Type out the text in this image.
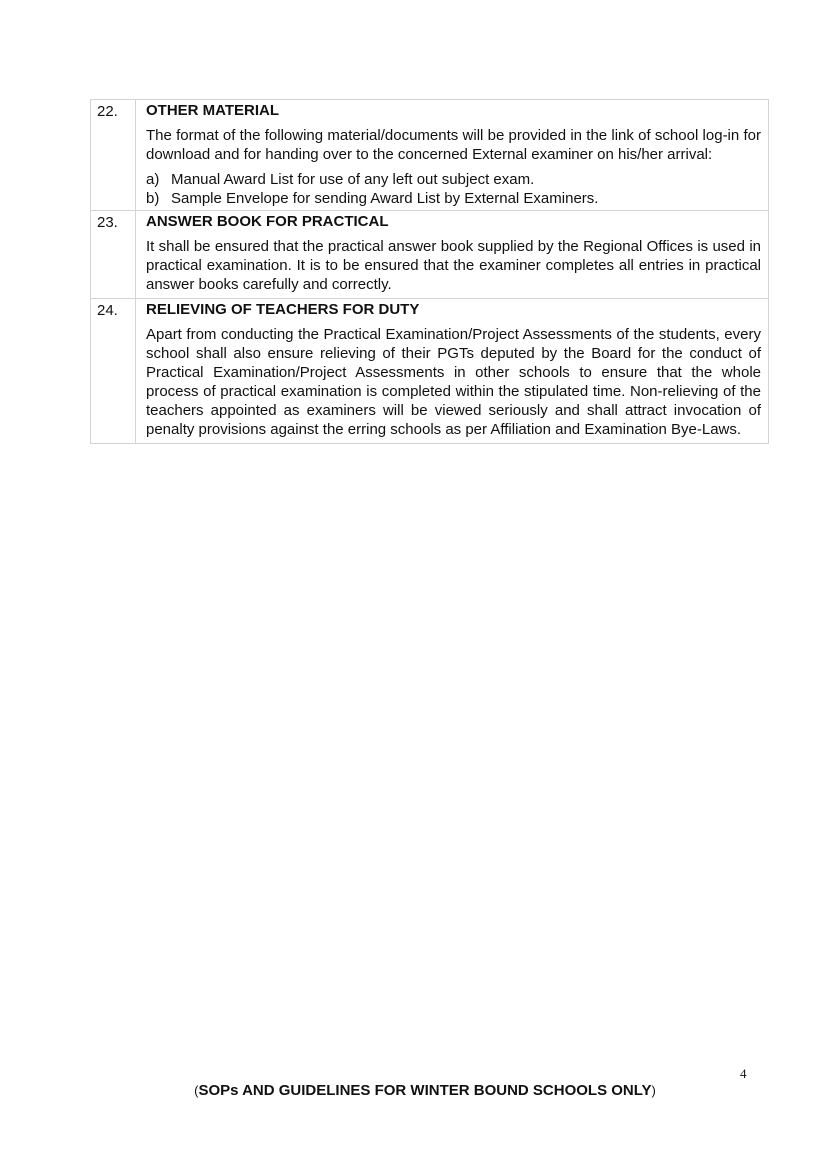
22.	OTHER MATERIAL

The format of the following material/documents will be provided in the link of school log-in for download and for handing over to the concerned External examiner on his/her arrival:

a) Manual Award List for use of any left out subject exam.
b) Sample Envelope for sending Award List by External Examiners.

23.	ANSWER BOOK FOR PRACTICAL

It shall be ensured that the practical answer book supplied by the Regional Offices is used in practical examination. It is to be ensured that the examiner completes all entries in practical answer books carefully and correctly.

24.	RELIEVING OF TEACHERS FOR DUTY

Apart from conducting the Practical Examination/Project Assessments of the students, every school shall also ensure relieving of their PGTs deputed by the Board for the conduct of Practical Examination/Project Assessments in other schools to ensure that the whole process of practical examination is completed within the stipulated time. Non-relieving of the teachers appointed as examiners will be viewed seriously and shall attract invocation of penalty provisions against the erring schools as per Affiliation and Examination Bye-Laws.

4
(SOPs AND GUIDELINES FOR WINTER BOUND SCHOOLS ONLY)
